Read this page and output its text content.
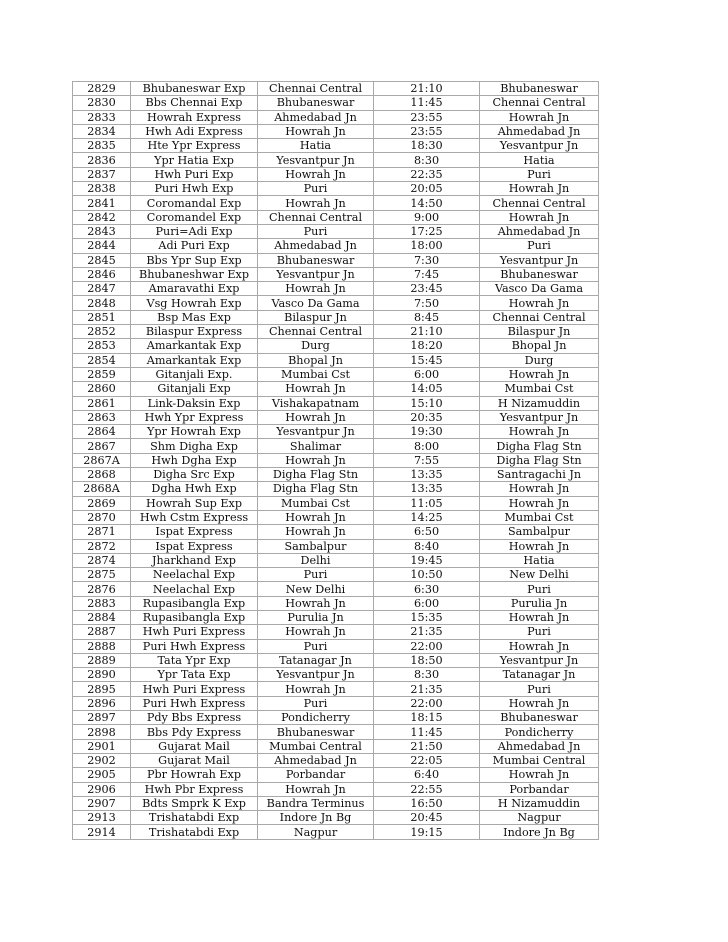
2829	Bhubaneswar Exp	Chennai Central	21:10	Bhubaneswar
2830	Bbs Chennai Exp	Bhubaneswar	11:45	Chennai Central
2833	Howrah Express	Ahmedabad Jn	23:55	Howrah Jn
2834	Hwh Adi Express	Howrah Jn	23:55	Ahmedabad Jn
2835	Hte Ypr Express	Hatia	18:30	Yesvantpur Jn
2836	Ypr Hatia Exp	Yesvantpur Jn	8:30	Hatia
2837	Hwh Puri Exp	Howrah Jn	22:35	Puri
2838	Puri Hwh Exp	Puri	20:05	Howrah Jn
2841	Coromandal Exp	Howrah Jn	14:50	Chennai Central
2842	Coromandel Exp	Chennai Central	9:00	Howrah Jn
2843	Puri=Adi Exp	Puri	17:25	Ahmedabad Jn
2844	Adi Puri Exp	Ahmedabad Jn	18:00	Puri
2845	Bbs Ypr Sup Exp	Bhubaneswar	7:30	Yesvantpur Jn
2846	Bhubaneshwar Exp	Yesvantpur Jn	7:45	Bhubaneswar
2847	Amaravathi Exp	Howrah Jn	23:45	Vasco Da Gama
2848	Vsg Howrah Exp	Vasco Da Gama	7:50	Howrah Jn
2851	Bsp Mas Exp	Bilaspur Jn	8:45	Chennai Central
2852	Bilaspur Express	Chennai Central	21:10	Bilaspur Jn
2853	Amarkantak Exp	Durg	18:20	Bhopal Jn
2854	Amarkantak Exp	Bhopal Jn	15:45	Durg
2859	Gitanjali Exp.	Mumbai Cst	6:00	Howrah Jn
2860	Gitanjali Exp	Howrah Jn	14:05	Mumbai Cst
2861	Link-Daksin Exp	Vishakapatnam	15:10	H Nizamuddin
2863	Hwh Ypr Express	Howrah Jn	20:35	Yesvantpur Jn
2864	Ypr Howrah Exp	Yesvantpur Jn	19:30	Howrah Jn
2867	Shm Digha Exp	Shalimar	8:00	Digha Flag Stn
2867A	Hwh Dgha Exp	Howrah Jn	7:55	Digha Flag Stn
2868	Digha Src Exp	Digha Flag Stn	13:35	Santragachi Jn
2868A	Dgha Hwh Exp	Digha Flag Stn	13:35	Howrah Jn
2869	Howrah Sup Exp	Mumbai Cst	11:05	Howrah Jn
2870	Hwh Cstm Express	Howrah Jn	14:25	Mumbai Cst
2871	Ispat Express	Howrah Jn	6:50	Sambalpur
2872	Ispat Express	Sambalpur	8:40	Howrah Jn
2874	Jharkhand Exp	Delhi	19:45	Hatia
2875	Neelachal Exp	Puri	10:50	New Delhi
2876	Neelachal Exp	New Delhi	6:30	Puri
2883	Rupasibangla Exp	Howrah Jn	6:00	Purulia Jn
2884	Rupasibangla Exp	Purulia Jn	15:35	Howrah Jn
2887	Hwh Puri Express	Howrah Jn	21:35	Puri
2888	Puri Hwh Express	Puri	22:00	Howrah Jn
2889	Tata Ypr Exp	Tatanagar Jn	18:50	Yesvantpur Jn
2890	Ypr Tata Exp	Yesvantpur Jn	8:30	Tatanagar Jn
2895	Hwh Puri Express	Howrah Jn	21:35	Puri
2896	Puri Hwh Express	Puri	22:00	Howrah Jn
2897	Pdy Bbs Express	Pondicherry	18:15	Bhubaneswar
2898	Bbs Pdy Express	Bhubaneswar	11:45	Pondicherry
2901	Gujarat Mail	Mumbai Central	21:50	Ahmedabad Jn
2902	Gujarat Mail	Ahmedabad Jn	22:05	Mumbai Central
2905	Pbr Howrah Exp	Porbandar	6:40	Howrah Jn
2906	Hwh Pbr Express	Howrah Jn	22:55	Porbandar
2907	Bdts Smprk K Exp	Bandra Terminus	16:50	H Nizamuddin
2913	Trishatabdi Exp	Indore Jn Bg	20:45	Nagpur
2914	Trishatabdi Exp	Nagpur	19:15	Indore Jn Bg
